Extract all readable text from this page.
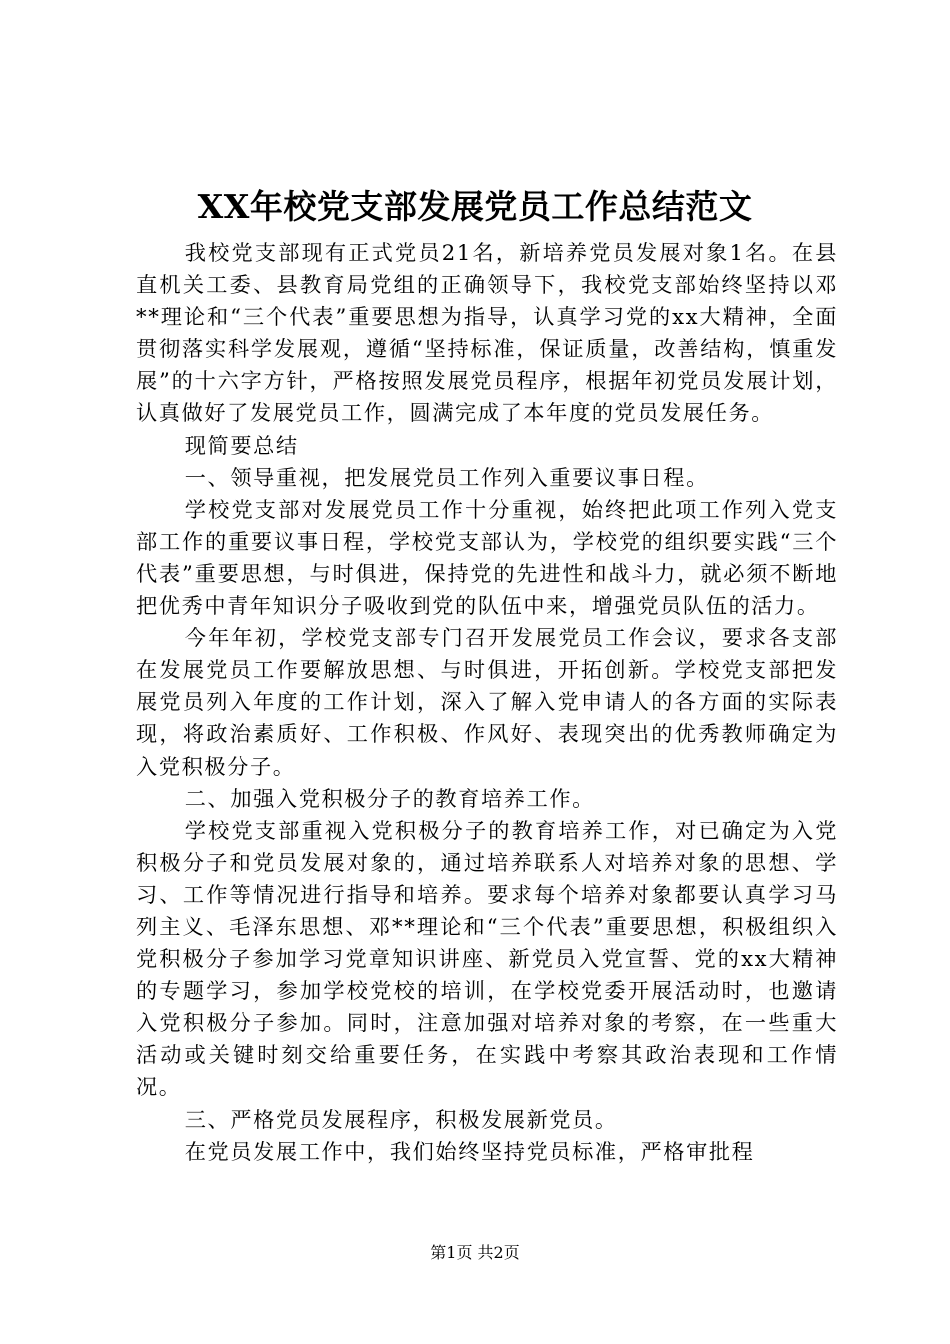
XX年校党支部发展党员工作总结范文

我校党支部现有正式党员21名，新培养党员发展对象1名。在县直机关工委、县教育局党组的正确领导下，我校党支部始终坚持以邓**理论和“三个代表”重要思想为指导，认真学习党的xx大精神，全面贯彻落实科学发展观，遵循“坚持标准，保证质量，改善结构，慎重发展”的十六字方针，严格按照发展党员程序，根据年初党员发展计划，认真做好了发展党员工作，圆满完成了本年度的党员发展任务。

现简要总结

一、领导重视，把发展党员工作列入重要议事日程。

学校党支部对发展党员工作十分重视，始终把此项工作列入党支部工作的重要议事日程，学校党支部认为，学校党的组织要实践“三个代表”重要思想，与时俱进，保持党的先进性和战斗力，就必须不断地把优秀中青年知识分子吸收到党的队伍中来，增强党员队伍的活力。

今年年初，学校党支部专门召开发展党员工作会议，要求各支部在发展党员工作要解放思想、与时俱进，开拓创新。学校党支部把发展党员列入年度的工作计划，深入了解入党申请人的各方面的实际表现，将政治素质好、工作积极、作风好、表现突出的优秀教师确定为入党积极分子。

二、加强入党积极分子的教育培养工作。

学校党支部重视入党积极分子的教育培养工作，对已确定为入党积极分子和党员发展对象的，通过培养联系人对培养对象的思想、学习、工作等情况进行指导和培养。要求每个培养对象都要认真学习马列主义、毛泽东思想、邓**理论和“三个代表”重要思想，积极组织入党积极分子参加学习党章知识讲座、新党员入党宣誓、党的xx大精神的专题学习，参加学校党校的培训，在学校党委开展活动时，也邀请入党积极分子参加。同时，注意加强对培养对象的考察，在一些重大活动或关键时刻交给重要任务，在实践中考察其政治表现和工作情况。

三、严格党员发展程序，积极发展新党员。

在党员发展工作中，我们始终坚持党员标准，严格审批程

第1页 共2页
